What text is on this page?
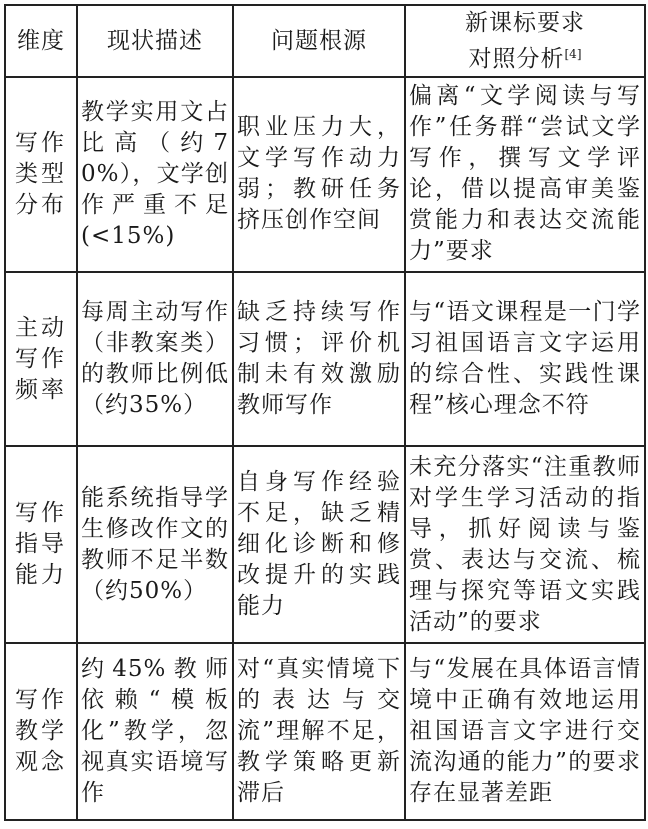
维度	现状描述	问题根源	新课标要求
对照分析[4]

写作类型分布	教学实用文占比高（约70%），文学创作严重不足(<15%)	职业压力大，文学写作动力弱；教研任务挤压创作空间	偏离“文学阅读与写作”任务群“尝试文学写作，撰写文学评论，借以提高审美鉴赏能力和表达交流能力”要求
主动写作频率	每周主动写作（非教案类）的教师比例低（约35%）	缺乏持续写作习惯；评价机制未有效激励教师写作	与“语文课程是一门学习祖国语言文字运用的综合性、实践性课程”核心理念不符
写作指导能力	能系统指导学生修改作文的教师不足半数（约50%）	自身写作经验不足，缺乏精细化诊断和修改提升的实践能力	未充分落实“注重教师对学生学习活动的指导，抓好阅读与鉴赏、表达与交流、梳理与探究等语文实践活动”的要求
写作教学观念	约45%教师依赖“模板化”教学，忽视真实语境写作	对“真实情境下的表达与交流”理解不足，教学策略更新滞后	与“发展在具体语言情境中正确有效地运用祖国语言文字进行交流沟通的能力”的要求存在显著差距
